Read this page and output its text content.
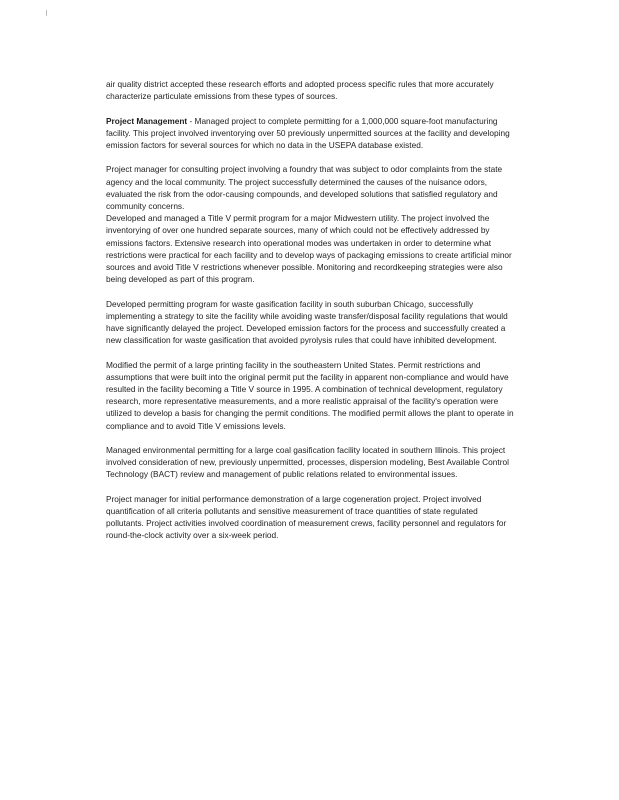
air quality district accepted these research efforts and adopted process specific rules that more accurately characterize particulate emissions from these types of sources.

Project Management - Managed project to complete permitting for a 1,000,000 square-foot manufacturing facility. This project involved inventorying over 50 previously unpermitted sources at the facility and developing emission factors for several sources for which no data in the USEPA database existed.

Project manager for consulting project involving a foundry that was subject to odor complaints from the state agency and the local community. The project successfully determined the causes of the nuisance odors, evaluated the risk from the odor-causing compounds, and developed solutions that satisfied regulatory and community concerns.

Developed and managed a Title V permit program for a major Midwestern utility. The project involved the inventorying of over one hundred separate sources, many of which could not be effectively addressed by emissions factors. Extensive research into operational modes was undertaken in order to determine what restrictions were practical for each facility and to develop ways of packaging emissions to create artificial minor sources and avoid Title V restrictions whenever possible. Monitoring and recordkeeping strategies were also being developed as part of this program.

Developed permitting program for waste gasification facility in south suburban Chicago, successfully implementing a strategy to site the facility while avoiding waste transfer/disposal facility regulations that would have significantly delayed the project. Developed emission factors for the process and successfully created a new classification for waste gasification that avoided pyrolysis rules that could have inhibited development.

Modified the permit of a large printing facility in the southeastern United States. Permit restrictions and assumptions that were built into the original permit put the facility in apparent non-compliance and would have resulted in the facility becoming a Title V source in 1995. A combination of technical development, regulatory research, more representative measurements, and a more realistic appraisal of the facility's operation were utilized to develop a basis for changing the permit conditions. The modified permit allows the plant to operate in compliance and to avoid Title V emissions levels.

Managed environmental permitting for a large coal gasification facility located in southern Illinois. This project involved consideration of new, previously unpermitted, processes, dispersion modeling, Best Available Control Technology (BACT) review and management of public relations related to environmental issues.

Project manager for initial performance demonstration of a large cogeneration project. Project involved quantification of all criteria pollutants and sensitive measurement of trace quantities of state regulated pollutants. Project activities involved coordination of measurement crews, facility personnel and regulators for round-the-clock activity over a six-week period.
